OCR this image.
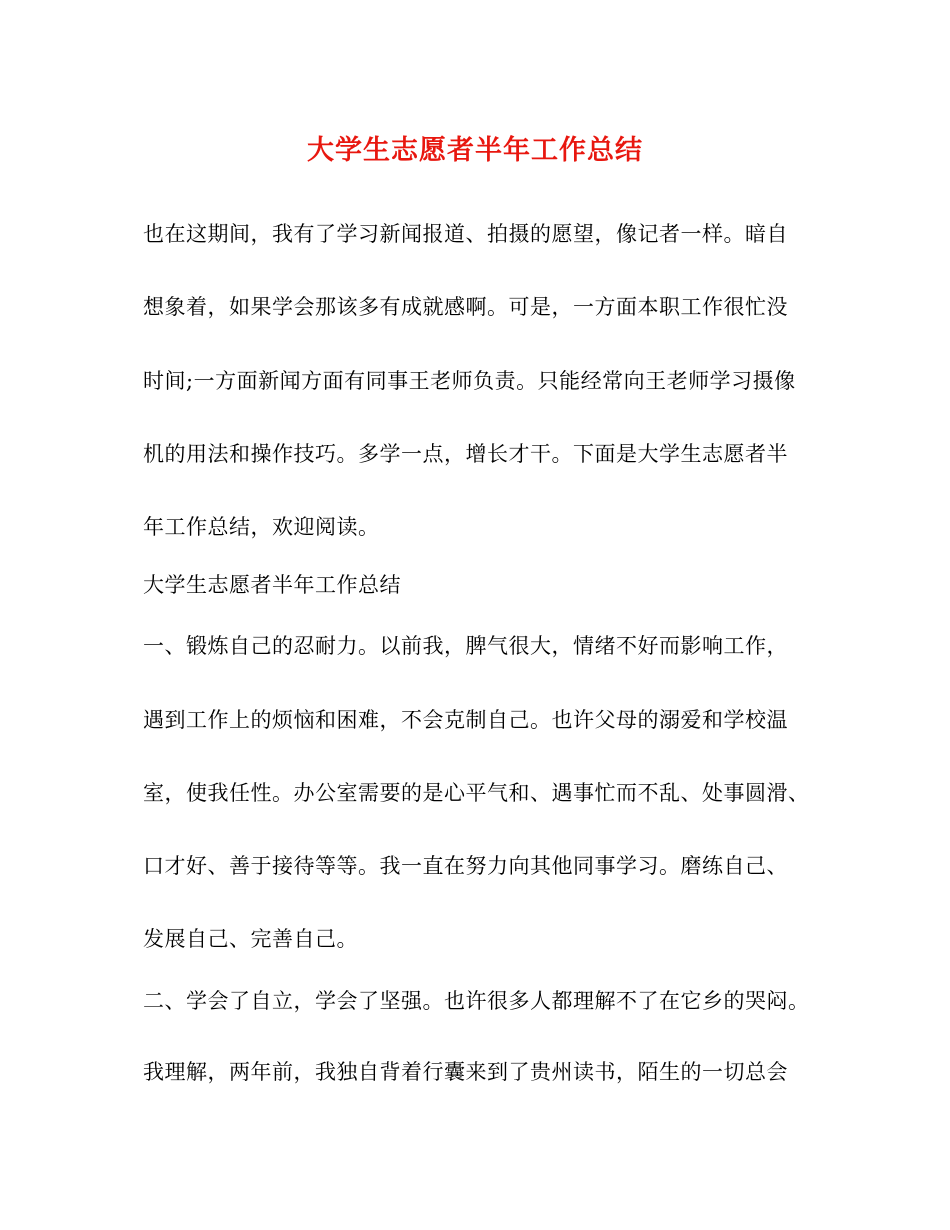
大学生志愿者半年工作总结
也在这期间，我有了学习新闻报道、拍摄的愿望，像记者一样。暗自
想象着，如果学会那该多有成就感啊。可是，一方面本职工作很忙没
时间;一方面新闻方面有同事王老师负责。只能经常向王老师学习摄像
机的用法和操作技巧。多学一点，增长才干。下面是大学生志愿者半
年工作总结，欢迎阅读。
大学生志愿者半年工作总结
一、锻炼自己的忍耐力。以前我，脾气很大，情绪不好而影响工作，
遇到工作上的烦恼和困难，不会克制自己。也许父母的溺爱和学校温
室，使我任性。办公室需要的是心平气和、遇事忙而不乱、处事圆滑、
口才好、善于接待等等。我一直在努力向其他同事学习。磨练自己、
发展自己、完善自己。
二、学会了自立，学会了坚强。也许很多人都理解不了在它乡的哭闷。
我理解，两年前，我独自背着行囊来到了贵州读书，陌生的一切总会
